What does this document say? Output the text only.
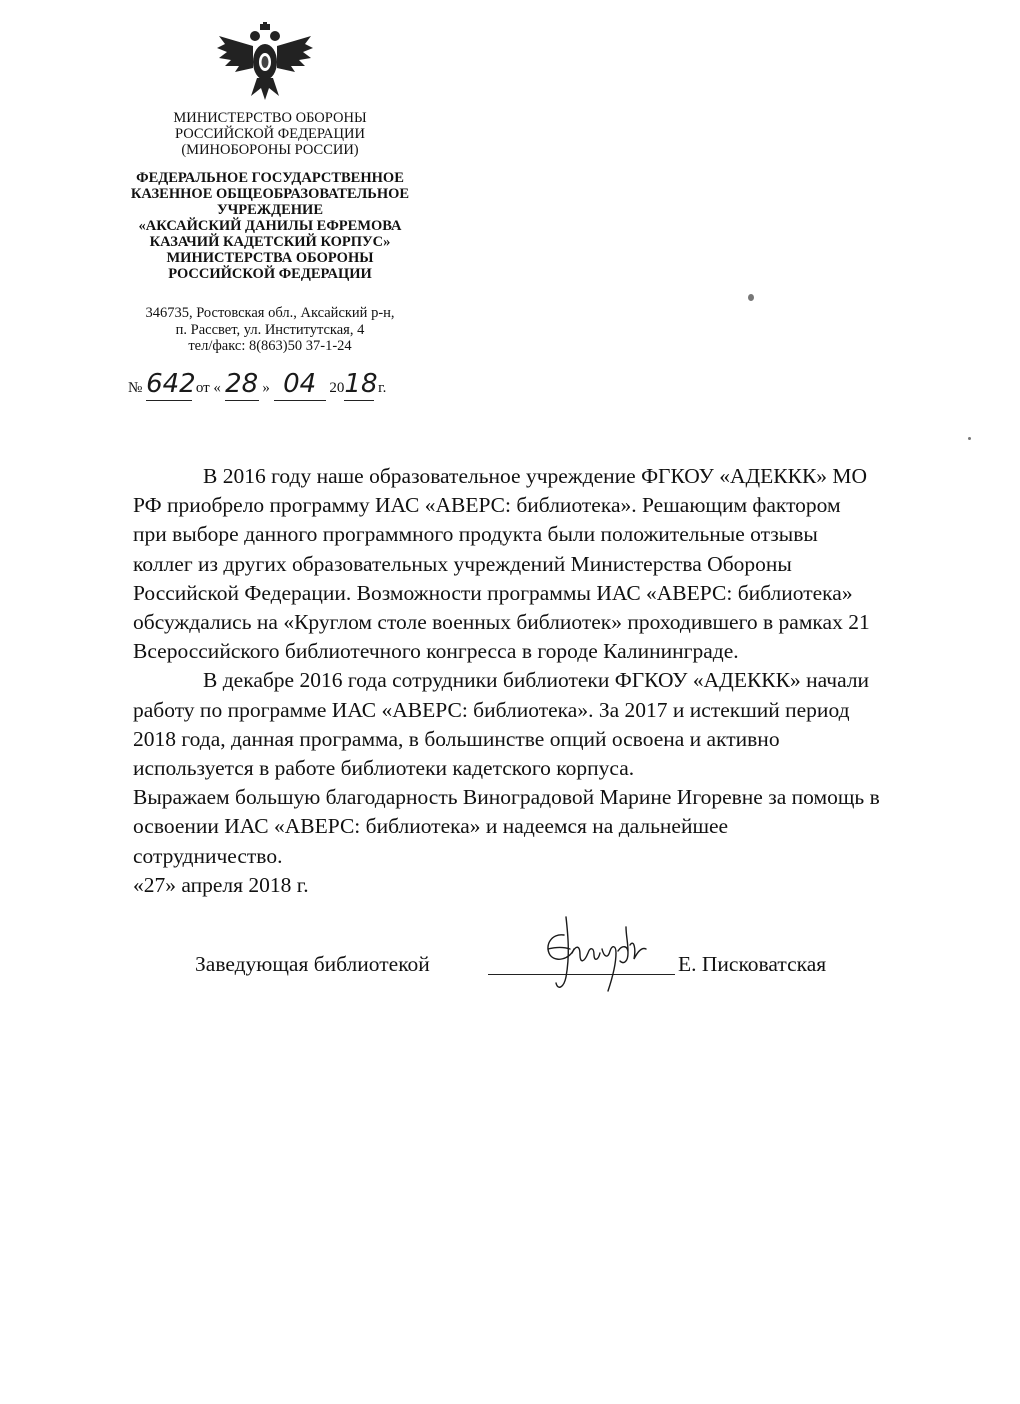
МИНИСТЕРСТВО ОБОРОНЫ
РОССИЙСКОЙ ФЕДЕРАЦИИ
(МИНОБОРОНЫ РОССИИ)
ФЕДЕРАЛЬНОЕ ГОСУДАРСТВЕННОЕ
КАЗЕННОЕ ОБЩЕОБРАЗОВАТЕЛЬНОЕ
УЧРЕЖДЕНИЕ
«АКСАЙСКИЙ ДАНИЛЫ ЕФРЕМОВА
КАЗАЧИЙ КАДЕТСКИЙ КОРПУС»
МИНИСТЕРСТВА ОБОРОНЫ
РОССИЙСКОЙ ФЕДЕРАЦИИ
346735, Ростовская обл., Аксайский р-н,
п. Рассвет, ул. Институтская, 4
тел/факс: 8(863)50 37-1-24
№ 642 от « 28 » 04 2018 г.

В 2016 году наше образовательное учреждение ФГКОУ «АДЕККК» МО
РФ приобрело программу ИАС «АВЕРС: библиотека». Решающим фактором
при выборе данного программного продукта были положительные отзывы
коллег из других образовательных учреждений Министерства Обороны
Российской Федерации. Возможности программы ИАС «АВЕРС: библиотека»
обсуждались на «Круглом столе военных библиотек» проходившего в рамках 21
Всероссийского библиотечного конгресса в городе Калининграде.

В декабре 2016 года сотрудники библиотеки ФГКОУ «АДЕККК» начали
работу по программе ИАС «АВЕРС: библиотека». За 2017 и истекший период
2018 года, данная программа, в большинстве опций освоена и активно
используется в работе библиотеки кадетского корпуса.

Выражаем большую благодарность Виноградовой Марине Игоревне за помощь в
освоении ИАС «АВЕРС: библиотека» и надеемся на дальнейшее
сотрудничество.

«27» апреля 2018 г.
Заведующая библиотекой	Е. Писковатская
